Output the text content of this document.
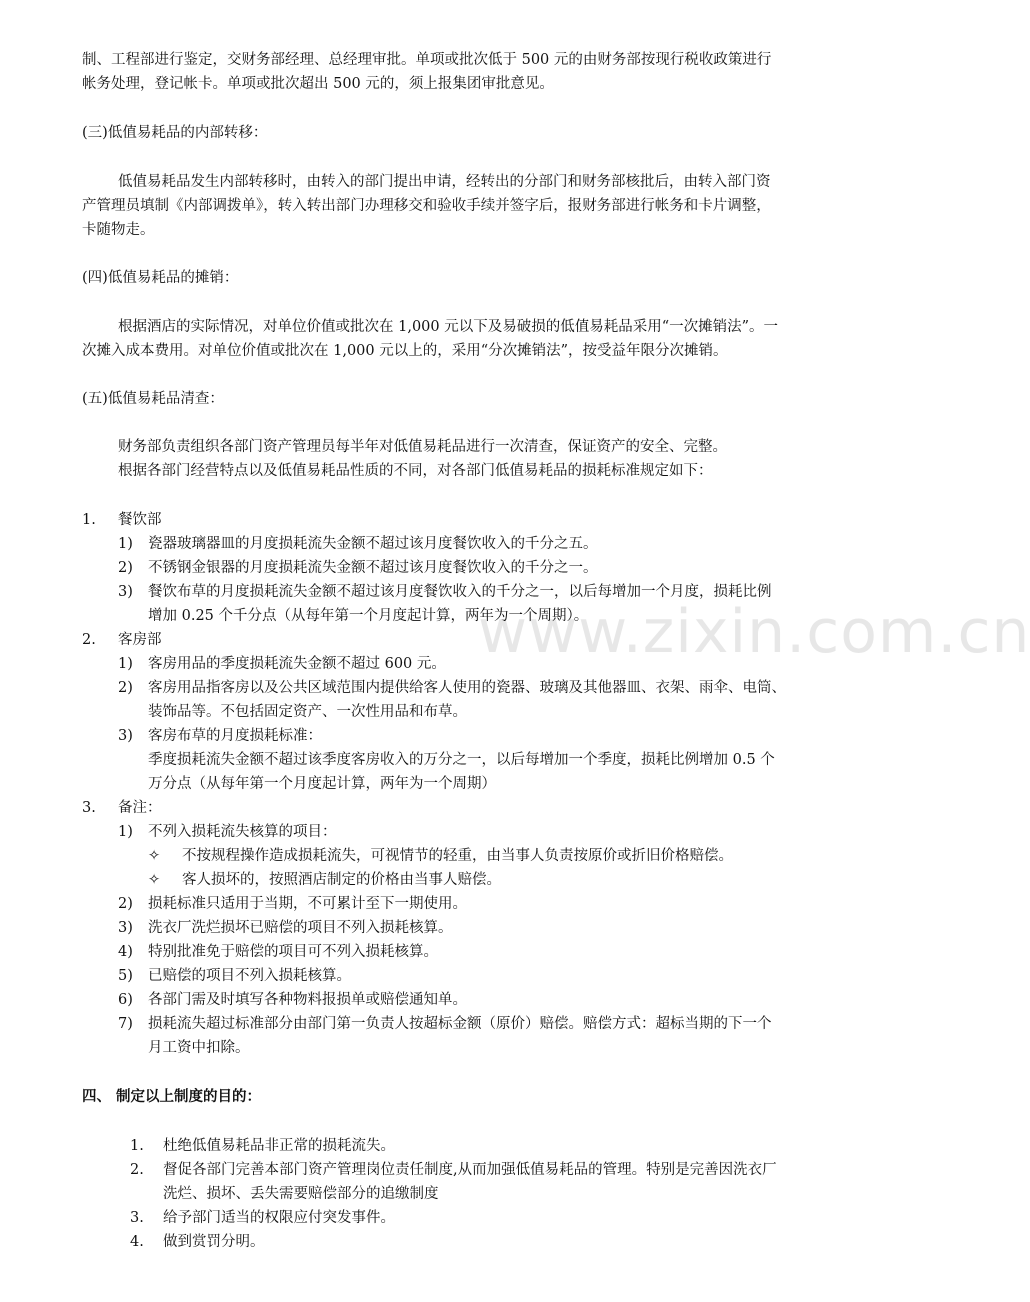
www.zixin.com.cn
制、工程部进行鉴定，交财务部经理、总经理审批。单项或批次低于 500 元的由财务部按现行税收政策进行
帐务处理，登记帐卡。单项或批次超出 500 元的，须上报集团审批意见。
(三)低值易耗品的内部转移：
低值易耗品发生内部转移时，由转入的部门提出申请，经转出的分部门和财务部核批后，由转入部门资
产管理员填制《内部调拨单》，转入转出部门办理移交和验收手续并签字后，报财务部进行帐务和卡片调整，
卡随物走。
(四)低值易耗品的摊销：
根据酒店的实际情况，对单位价值或批次在 1,000 元以下及易破损的低值易耗品采用“一次摊销法”。一
次摊入成本费用。对单位价值或批次在 1,000 元以上的，采用“分次摊销法”，按受益年限分次摊销。
(五)低值易耗品清查：
财务部负责组织各部门资产管理员每半年对低值易耗品进行一次清查，保证资产的安全、完整。
根据各部门经营特点以及低值易耗品性质的不同，对各部门低值易耗品的损耗标准规定如下：
1. 餐饮部
1) 瓷器玻璃器皿的月度损耗流失金额不超过该月度餐饮收入的千分之五。
2) 不锈钢金银器的月度损耗流失金额不超过该月度餐饮收入的千分之一。
3) 餐饮布草的月度损耗流失金额不超过该月度餐饮收入的千分之一，以后每增加一个月度，损耗比例
增加 0.25 个千分点（从每年第一个月度起计算，两年为一个周期）。
2. 客房部
1) 客房用品的季度损耗流失金额不超过 600 元。
2) 客房用品指客房以及公共区域范围内提供给客人使用的瓷器、玻璃及其他器皿、衣架、雨伞、电筒、
装饰品等。不包括固定资产、一次性用品和布草。
3) 客房布草的月度损耗标准：
季度损耗流失金额不超过该季度客房收入的万分之一，以后每增加一个季度，损耗比例增加 0.5 个
万分点（从每年第一个月度起计算，两年为一个周期）
3. 备注：
1) 不列入损耗流失核算的项目：
✧ 不按规程操作造成损耗流失，可视情节的轻重，由当事人负责按原价或折旧价格赔偿。
✧ 客人损坏的，按照酒店制定的价格由当事人赔偿。
2) 损耗标准只适用于当期，不可累计至下一期使用。
3) 洗衣厂洗烂损坏已赔偿的项目不列入损耗核算。
4) 特别批准免于赔偿的项目可不列入损耗核算。
5) 已赔偿的项目不列入损耗核算。
6) 各部门需及时填写各种物料报损单或赔偿通知单。
7) 损耗流失超过标准部分由部门第一负责人按超标金额（原价）赔偿。赔偿方式：超标当期的下一个
月工资中扣除。
四、 制定以上制度的目的：
1. 杜绝低值易耗品非正常的损耗流失。
2. 督促各部门完善本部门资产管理岗位责任制度,从而加强低值易耗品的管理。特别是完善因洗衣厂
洗烂、损坏、丢失需要赔偿部分的追缴制度
3. 给予部门适当的权限应付突发事件。
4. 做到赏罚分明。
